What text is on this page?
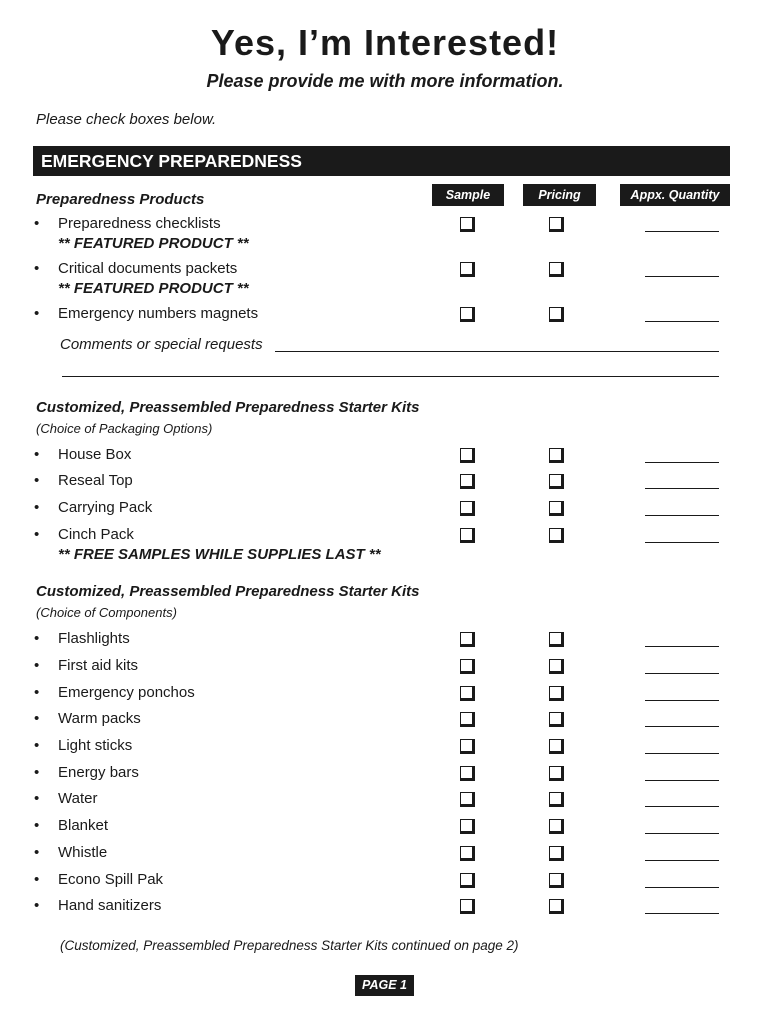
Yes, I’m Interested!
Please provide me with more information.
Please check boxes below.
EMERGENCY PREPAREDNESS
Sample	Pricing	Appx. Quantity
Preparedness Products
• Preparedness checklists
** FEATURED PRODUCT **
• Critical documents packets
** FEATURED PRODUCT **
• Emergency numbers magnets
Comments or special requests
Customized, Preassembled Preparedness Starter Kits
(Choice of Packaging Options)
• House Box
• Reseal Top
• Carrying Pack
• Cinch Pack
** FREE SAMPLES WHILE SUPPLIES LAST **
Customized, Preassembled Preparedness Starter Kits
(Choice of Components)
• Flashlights
• First aid kits
• Emergency ponchos
• Warm packs
• Light sticks
• Energy bars
• Water
• Blanket
• Whistle
• Econo Spill Pak
• Hand sanitizers
(Customized, Preassembled Preparedness Starter Kits continued on page 2)
PAGE 1
